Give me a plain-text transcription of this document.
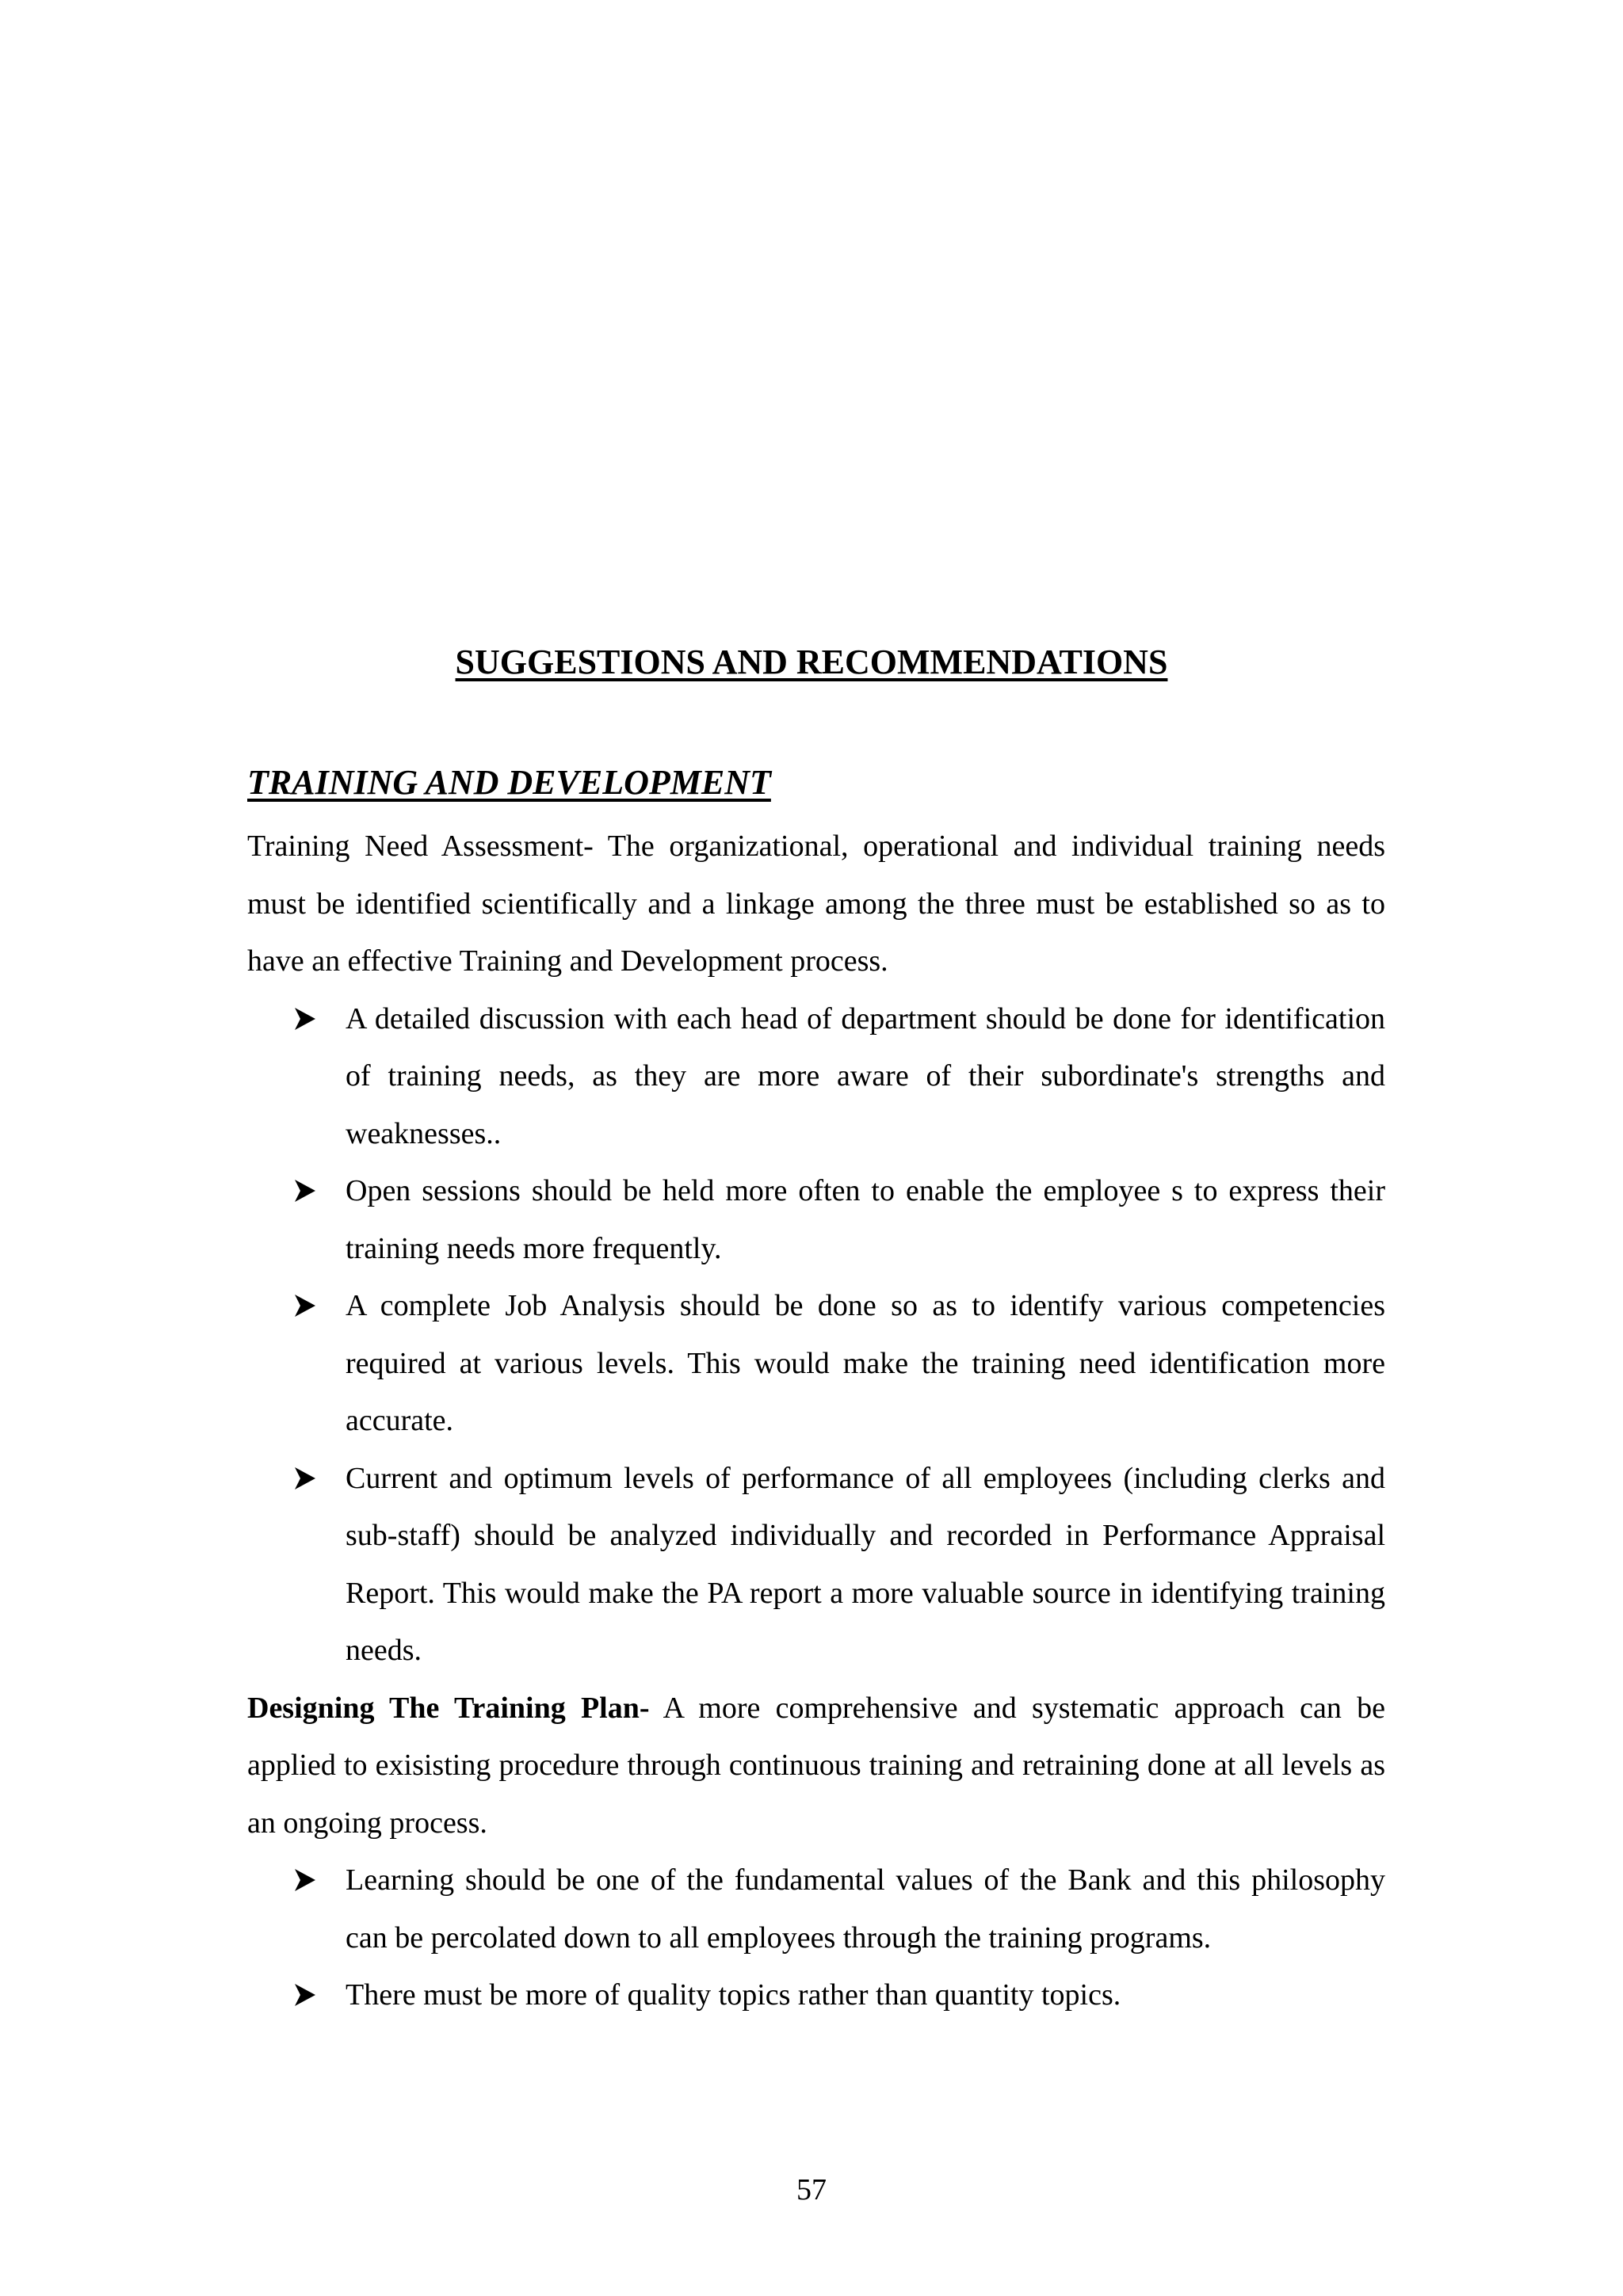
SUGGESTIONS AND RECOMMENDATIONS
TRAINING AND DEVELOPMENT

Training Need Assessment- The organizational, operational and individual training needs must be identified scientifically and a linkage among the three must be established so as to have an effective Training and Development process.

A detailed discussion with each head of department should be done for identification of training needs, as they are more aware of their subordinate's strengths and weaknesses..
Open sessions should be held more often to enable the employee s to express their training needs more frequently.
A complete Job Analysis should be done so as to identify various competencies required at various levels. This would make the training need identification more accurate.
Current and optimum levels of performance of all employees (including clerks and sub-staff) should be analyzed individually and recorded in Performance Appraisal Report. This would make the PA report a more valuable source in identifying training needs.

Designing The Training Plan- A more comprehensive and systematic approach can be applied to exisisting procedure through continuous training and retraining done at all levels as an ongoing process.

Learning should be one of the fundamental values of the Bank and this philosophy can be percolated down to all employees through the training programs.
There must be more of quality topics rather than quantity topics.
57
